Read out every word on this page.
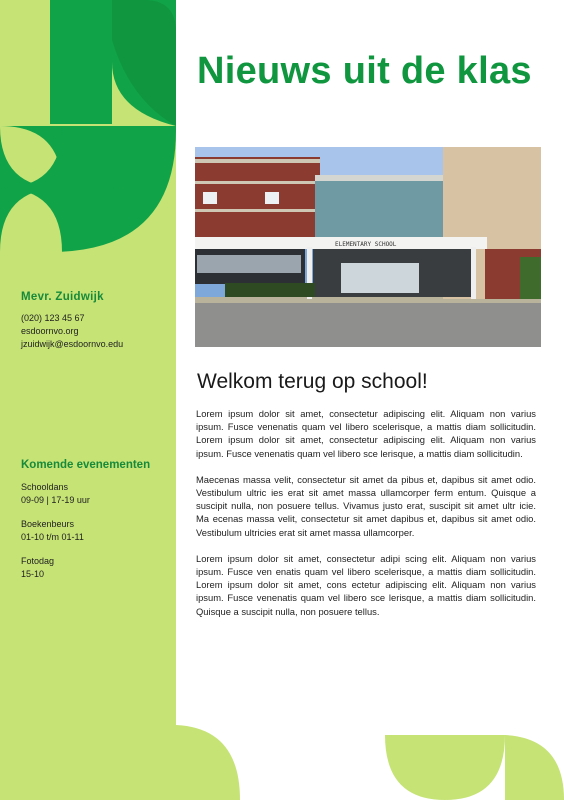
Mevr. Zuidwijk
(020) 123 45 67
esdoornvo.org
jzuidwijk@esdoornvo.edu
Komende evenementen
Schooldans
09-09 | 17-19 uur
Boekenbeurs
01-10 t/m 01-11
Fotodag
15-10
Nieuws uit de klas
ELEMENTARY SCHOOL
Welkom terug op school!

Lorem ipsum dolor sit amet, consectetur adipiscing elit. Aliquam non varius ipsum. Fusce venenatis quam vel libero scelerisque, a mattis diam sollicitudin. Lorem ipsum dolor sit amet, consectetur adipiscing elit. Aliquam non varius ipsum. Fusce venenatis quam vel libero sce lerisque, a mattis diam sollicitudin.

Maecenas massa velit, consectetur sit amet da pibus et, dapibus sit amet odio. Vestibulum ultric ies erat sit amet massa ullamcorper ferm entum. Quisque a suscipit nulla, non posuere tellus. Vivamus justo erat, suscipit sit amet ultr icie. Ma ecenas massa velit, consectetur sit amet dapibus et, dapibus sit amet odio. Vestibulum ultricies erat sit amet massa ullamcorper.

Lorem ipsum dolor sit amet, consectetur adipi scing elit. Aliquam non varius ipsum. Fusce ven enatis quam vel libero scelerisque, a mattis diam sollicitudin. Lorem ipsum dolor sit amet, cons ectetur adipiscing elit. Aliquam non varius ipsum. Fusce venenatis quam vel libero sce lerisque, a mattis diam sollicitudin. Quisque a suscipit nulla, non posuere tellus.
